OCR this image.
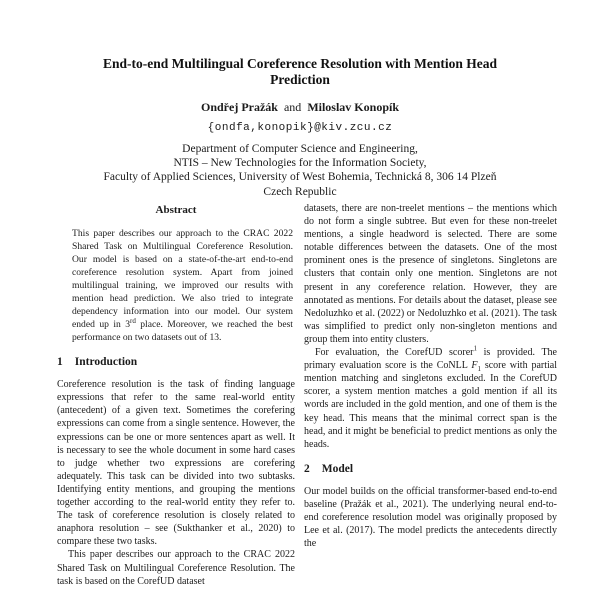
End-to-end Multilingual Coreference Resolution with Mention Head Prediction
Ondřej Pražák and Miloslav Konopík
{ondfa,konopik}@kiv.zcu.cz
Department of Computer Science and Engineering,
NTIS – New Technologies for the Information Society,
Faculty of Applied Sciences, University of West Bohemia, Technická 8, 306 14 Plzeň
Czech Republic
Abstract
This paper describes our approach to the CRAC 2022 Shared Task on Multilingual Coreference Resolution. Our model is based on a state-of-the-art end-to-end coreference resolution system. Apart from joined multilingual training, we improved our results with mention head prediction. We also tried to integrate dependency information into our model. Our system ended up in 3rd place. Moreover, we reached the best performance on two datasets out of 13.
1 Introduction

Coreference resolution is the task of finding language expressions that refer to the same real-world entity (antecedent) of a given text. Sometimes the corefering expressions can come from a single sentence. However, the expressions can be one or more sentences apart as well. It is necessary to see the whole document in some hard cases to judge whether two expressions are corefering adequately. This task can be divided into two subtasks. Identifying entity mentions, and grouping the mentions together according to the real-world entity they refer to. The task of coreference resolution is closely related to anaphora resolution – see (Sukthanker et al., 2020) to compare these two tasks.

This paper describes our approach to the CRAC 2022 Shared Task on Multilingual Coreference Resolution. The task is based on the CorefUD dataset

datasets, there are non-treelet mentions – the mentions which do not form a single subtree. But even for these non-treelet mentions, a single headword is selected. There are some notable differences between the datasets. One of the most prominent ones is the presence of singletons. Singletons are clusters that contain only one mention. Singletons are not present in any coreference relation. However, they are annotated as mentions. For details about the dataset, please see Nedoluzhko et al. (2022) or Nedoluzhko et al. (2021). The task was simplified to predict only non-singleton mentions and group them into entity clusters.

For evaluation, the CorefUD scorer$^1$ is provided. The primary evaluation score is the CoNLL $F_1$ score with partial mention matching and singletons excluded. In the CorefUD scorer, a system mention matches a gold mention if all its words are included in the gold mention, and one of them is the key head. This means that the minimal correct span is the head, and it might be beneficial to predict mentions as only the heads.

2 Model

Our model builds on the official transformer-based end-to-end baseline (Pražák et al., 2021). The underlying neural end-to-end coreference resolution model was originally proposed by Lee et al. (2017). The model predicts the antecedents directly the
